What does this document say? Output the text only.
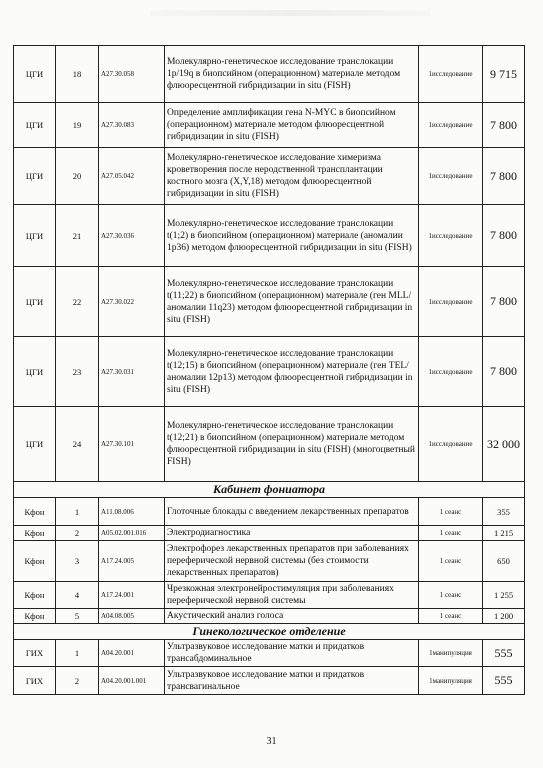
ЦГИ	18	A27.30.058	Молекулярно-генетическое исследование транслокации 1p/19q в биопсийном (операционном) материале методом флюоресцентной гибридизации in situ (FISH)	1исследование	9 715
ЦГИ	19	A27.30.083	Определение амплификации гена N-MYC в биопсийном (операционном) материале методом флюоресцентной гибридизации in situ (FISH)	1исследование	7 800
ЦГИ	20	A27.05.042	Молекулярно-генетическое исследование химеризма кроветворения после неродственной трансплантации костного мозга (X,Y,18) методом флюоресцентной гибридизации in situ (FISH)	1исследование	7 800
ЦГИ	21	A27.30.036	Молекулярно-генетическое исследование транслокации t(1;2) в биопсийном (операционном) материале (аномалии 1p36) методом флюоресцентной гибридизации in situ (FISH)	1исследование	7 800
ЦГИ	22	A27.30.022	Молекулярно-генетическое исследование транслокации t(11;22) в биопсийном (операционном) материале (ген MLL/ аномалии 11q23) методом флюоресцентной гибридизации in situ (FISH)	1исследование	7 800
ЦГИ	23	A27.30.031	Молекулярно-генетическое исследование транслокации t(12;15) в биопсийном (операционном) материале (ген TEL/аномалии 12p13) методом флюоресцентной гибридизации in situ (FISH)	1исследование	7 800
ЦГИ	24	A27.30.101	Молекулярно-генетическое исследование транслокации t(12;21) в биопсийном (операционном) материале методом флюоресцентной гибридизации in situ (FISH) (многоцветный FISH)	1исследование	32 000
Кабинет фониатора					
Кфон	1	A11.08.006	Глоточные блокады с введением лекарственных препаратов	1 сеанс	355
Кфон	2	A05.02.001.016	Электродиагностика	1 сеанс	1 215
Кфон	3	A17.24.005	Электрофорез лекарственных препаратов при заболеваниях переферической нервной системы (без стоимости лекарственных препаратов)	1 сеанс	650
Кфон	4	A17.24.001	Чрезкожная электронейростимуляция при заболеваниях переферической нервной системы	1 сеанс	1 255
Кфон	5	A04.08.005	Акустический анализ голоса	1 сеанс	1 200
Гинекологическое отделение					
ГИХ	1	A04.20.001	Ультразвуковое исследование матки и придатков трансабдоминальное	1манипуляция	555
ГИХ	2	A04.20.001.001	Ультразвуковое исследование матки и придатков трансвагинальное	1манипуляция	555
31
